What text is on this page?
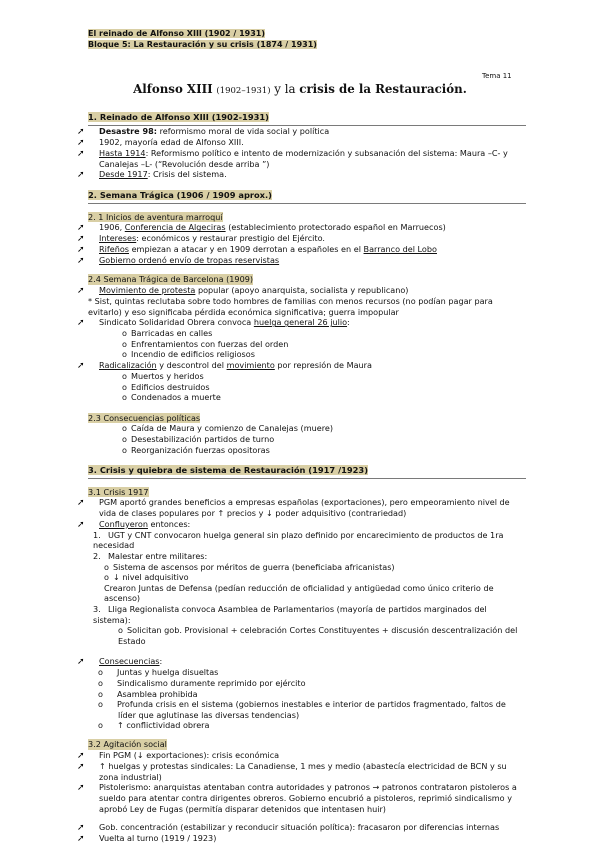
El reinado de Alfonso XIII (1902 / 1931)
Bloque 5: La Restauración y su crisis (1874 / 1931)
Tema 11
Alfonso XIII (1902–1931) y la crisis de la Restauración.
1. Reinado de Alfonso XIII (1902-1931)
➚ Desastre 98: reformismo moral de vida social y política
➚ 1902, mayoría edad de Alfonso XIII.
➚ Hasta 1914: Reformismo político e intento de modernización y subsanación del sistema: Maura –C- y Canalejas –L- (“Revolución desde arriba ”)
➚ Desde 1917: Crisis del sistema.
2. Semana Trágica (1906 / 1909 aprox.)
2. 1 Inicios de aventura marroquí
➚ 1906, Conferencia de Algeciras (establecimiento protectorado español en Marruecos)
➚ Intereses: económicos y restaurar prestigio del Ejército.
➚ Rifeños empiezan a atacar y en 1909 derrotan a españoles en el Barranco del Lobo
➚ Gobierno ordenó envío de tropas reservistas
2.4 Semana Trágica de Barcelona (1909)
➚ Movimiento de protesta popular (apoyo anarquista, socialista y republicano)
* Sist, quintas reclutaba sobre todo hombres de familias con menos recursos (no podían pagar para evitarlo) y eso significaba pérdida económica significativa; guerra impopular
➚ Sindicato Solidaridad Obrera convoca huelga general 26 julio:
o Barricadas en calles
o Enfrentamientos con fuerzas del orden
o Incendio de edificios religiosos
➚ Radicalización y descontrol del movimiento por represión de Maura
o Muertos y heridos
o Edificios destruidos
o Condenados a muerte
2.3 Consecuencias políticas
o Caída de Maura y comienzo de Canalejas (muere)
o Desestabilización partidos de turno
o Reorganización fuerzas opositoras
3. Crisis y quiebra de sistema de Restauración (1917 /1923)
3.1 Crisis 1917
➚ PGM aportó grandes beneficios a empresas españolas (exportaciones), pero empeoramiento nivel de vida de clases populares por ↑ precios y ↓ poder adquisitivo (contrariedad)
➚ Confluyeron entonces:
1. UGT y CNT convocaron huelga general sin plazo definido por encarecimiento de productos de 1ra necesidad
2. Malestar entre militares:
o Sistema de ascensos por méritos de guerra (beneficiaba africanistas)
o ↓ nivel adquisitivo
Crearon Juntas de Defensa (pedían reducción de oficialidad y antigüedad como único criterio de ascenso)
3. Lliga Regionalista convoca Asamblea de Parlamentarios (mayoría de partidos marginados del sistema):
o Solicitan gob. Provisional + celebración Cortes Constituyentes + discusión descentralización del Estado
➚ Consecuencias:
o Juntas y huelga disueltas
o Sindicalismo duramente reprimido por ejército
o Asamblea prohibida
o Profunda crisis en el sistema (gobiernos inestables e interior de partidos fragmentado, faltos de líder que aglutinase las diversas tendencias)
o ↑ conflictividad obrera
3.2 Agitación social
➚ Fin PGM (↓ exportaciones): crisis económica
➚ ↑ huelgas y protestas sindicales: La Canadiense, 1 mes y medio (abastecía electricidad de BCN y su zona industrial)
➚ Pistolerismo: anarquistas atentaban contra autoridades y patronos → patronos contrataron pistoleros a sueldo para atentar contra dirigentes obreros. Gobierno encubrió a pistoleros, reprimió sindicalismo y aprobó Ley de Fugas (permitía disparar detenidos que intentasen huir)
➚ Gob. concentración (estabilizar y reconducir situación política): fracasaron por diferencias internas
➚ Vuelta al turno (1919 / 1923)
